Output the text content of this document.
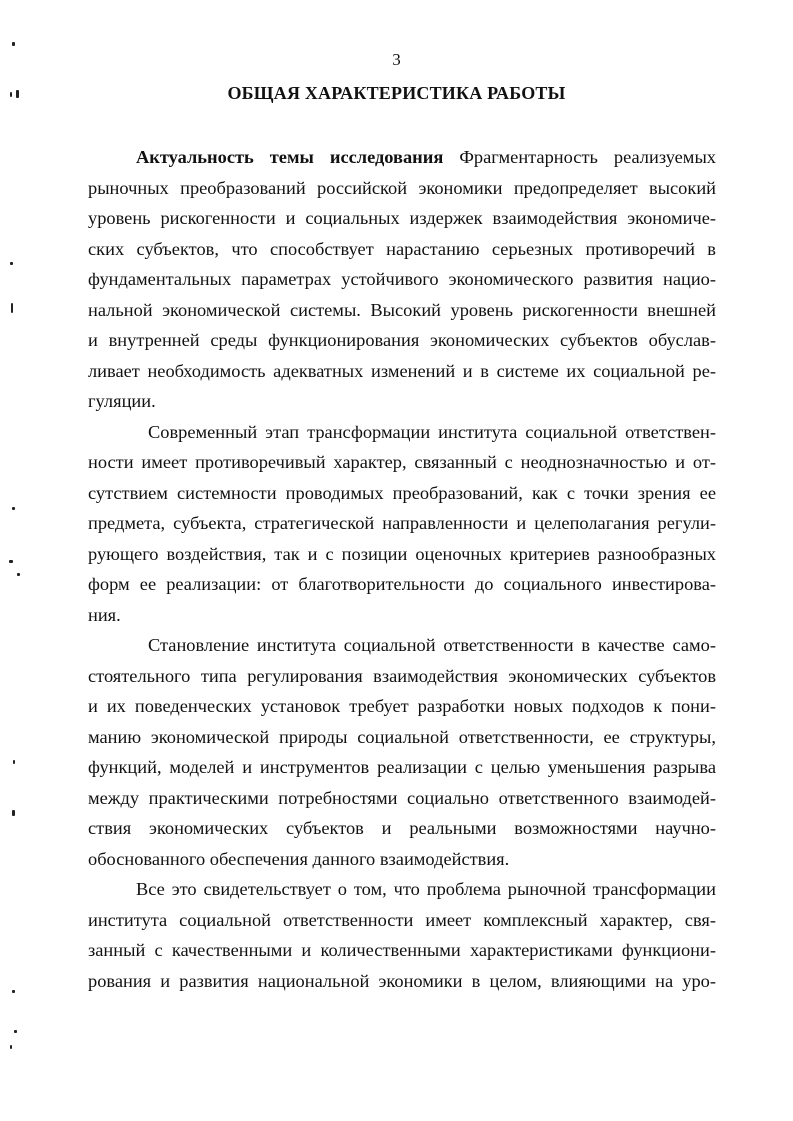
3
ОБЩАЯ ХАРАКТЕРИСТИКА РАБОТЫ

Актуальность темы исследования Фрагментарность реализуемых
рыночных преобразований российской экономики предопределяет высокий
уровень рискогенности и социальных издержек взаимодействия экономиче-
ских субъектов, что способствует нарастанию серьезных противоречий в
фундаментальных параметрах устойчивого экономического развития нацио-
нальной экономической системы. Высокий уровень рискогенности внешней
и внутренней среды функционирования экономических субъектов обуслав-
ливает необходимость адекватных изменений и в системе их социальной ре-
гуляции.

Современный этап трансформации института социальной ответствен-
ности имеет противоречивый характер, связанный с неоднозначностью и от-
сутствием системности проводимых преобразований, как с точки зрения ее
предмета, субъекта, стратегической направленности и целеполагания регули-
рующего воздействия, так и с позиции оценочных критериев разнообразных
форм ее реализации: от благотворительности до социального инвестирова-
ния.

Становление института социальной ответственности в качестве само-
стоятельного типа регулирования взаимодействия экономических субъектов
и их поведенческих установок требует разработки новых подходов к пони-
манию экономической природы социальной ответственности, ее структуры,
функций, моделей и инструментов реализации с целью уменьшения разрыва
между практическими потребностями социально ответственного взаимодей-
ствия экономических субъектов и реальными возможностями научно-
обоснованного обеспечения данного взаимодействия.

Все это свидетельствует о том, что проблема рыночной трансформации
института социальной ответственности имеет комплексный характер, свя-
занный с качественными и количественными характеристиками функциони-
рования и развития национальной экономики в целом, влияющими на уро-
